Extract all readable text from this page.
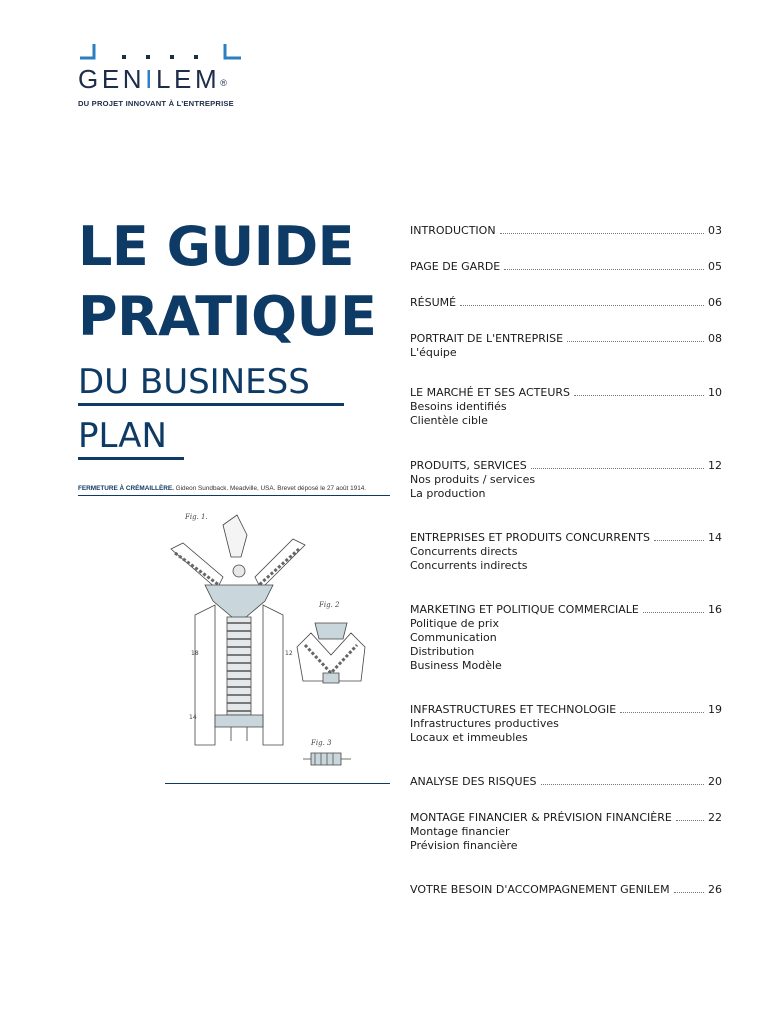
GENILEM®
DU PROJET INNOVANT À L'ENTREPRISE
LE GUIDE
PRATIQUE
DU BUSINESS
PLAN
FERMETURE À CRÉMAILLÈRE. Gideon Sundback. Meadville, USA. Brevet déposé le 27 août 1914.
Fig. 1.
18	12
14
Fig. 2
Fig. 3
INTRODUCTION	03
PAGE DE GARDE	05
RÉSUMÉ	06
PORTRAIT DE L'ENTREPRISE	08
L'équipe
LE MARCHÉ ET SES ACTEURS	10
Besoins identifiés
Clientèle cible
PRODUITS, SERVICES	12
Nos produits / services
La production
ENTREPRISES ET PRODUITS CONCURRENTS	14
Concurrents directs
Concurrents indirects
MARKETING ET POLITIQUE COMMERCIALE	16
Politique de prix
Communication
Distribution
Business Modèle
INFRASTRUCTURES ET TECHNOLOGIE	19
Infrastructures productives
Locaux et immeubles
ANALYSE DES RISQUES	20
MONTAGE FINANCIER & PRÉVISION FINANCIÈRE	22
Montage financier
Prévision financière
VOTRE BESOIN D'ACCOMPAGNEMENT GENILEM	26
